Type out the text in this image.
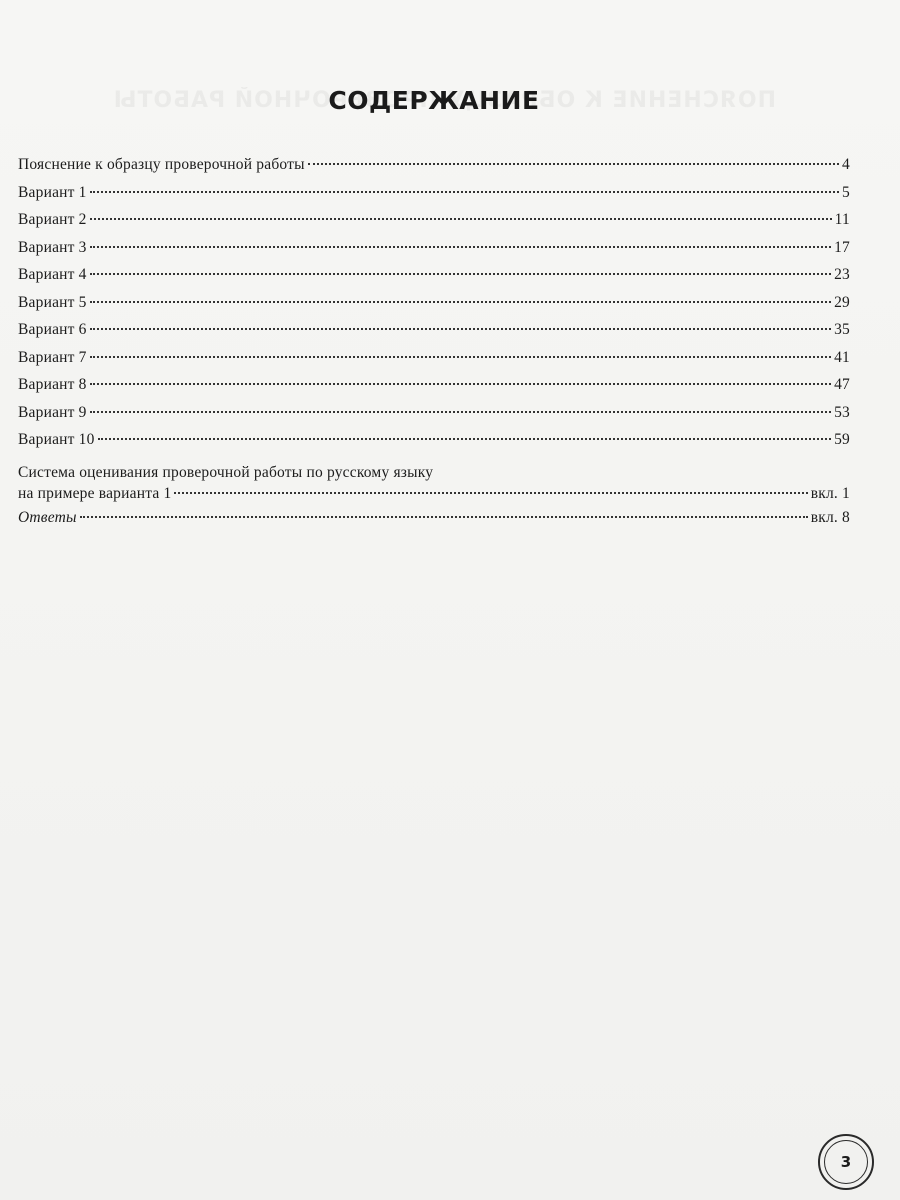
СОДЕРЖАНИЕ
Пояснение к образцу проверочной работы	4
Вариант 1	5
Вариант 2	11
Вариант 3	17
Вариант 4	23
Вариант 5	29
Вариант 6	35
Вариант 7	41
Вариант 8	47
Вариант 9	53
Вариант 10	59
Система оценивания проверочной работы по русскому языку
на примере варианта 1	вкл. 1
Ответы	вкл. 8
3
